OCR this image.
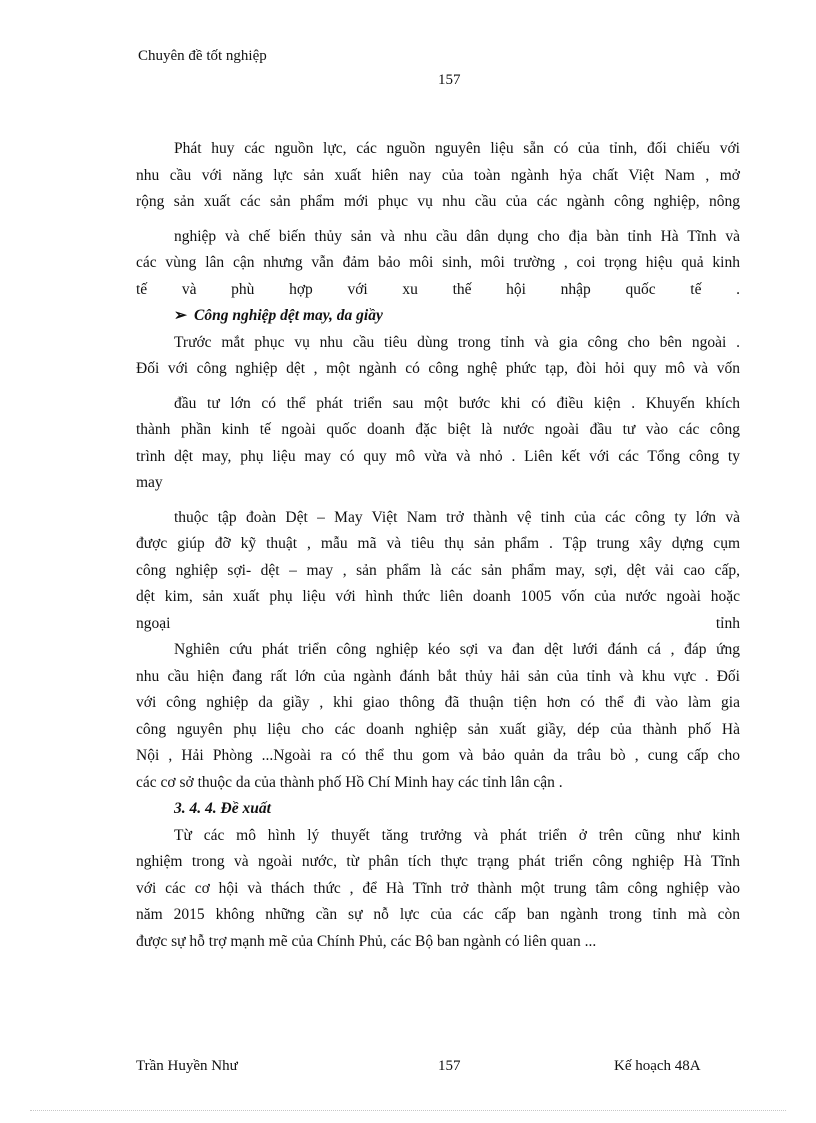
Chuyên đề tốt nghiệp
157

Phát huy các nguồn lực, các nguồn nguyên liệu sẵn có của tỉnh, đối chiếu với

nhu cầu với năng lực sản xuất hiên nay của toàn ngành hỷa chất Việt Nam , mở

rộng sản xuất các sản phẩm mới phục vụ nhu cầu của các ngành công nghiệp, nông

nghiệp và chế biến thủy sản và nhu cầu dân dụng cho địa bàn tỉnh Hà Tĩnh và

các vùng lân cận nhưng vẫn đảm bảo môi sinh, môi trường , coi trọng hiệu quả kinh

tế và phù hợp với xu thế hội nhập quốc tế .

➢ Công nghiệp dệt may, da giầy

Trước mắt phục vụ nhu cầu tiêu dùng trong tỉnh và gia công cho bên ngoài .

Đối với công nghiệp dệt , một ngành có công nghệ phức tạp, đòi hỏi quy mô và vốn

đầu tư lớn có thể phát triển sau một bước khi có điều kiện . Khuyến khích

thành phần kinh tế ngoài quốc doanh đặc biệt là nước ngoài đầu tư vào các công

trình dệt may, phụ liệu may có quy mô vừa và nhỏ . Liên kết với các Tổng công ty

may

thuộc tập đoàn Dệt – May Việt Nam trở thành vệ tinh của các công ty lớn và

được giúp đỡ kỹ thuật , mẫu mã và tiêu thụ sản phẩm . Tập trung xây dựng cụm

công nghiệp sợi- dệt – may , sản phẩm là các sản phẩm may, sợi, dệt vải cao cấp,

dệt kim, sản xuất phụ liệu với hình thức liên doanh 1005 vốn của nước ngoài hoặc

ngoại	tỉnh

Nghiên cứu phát triển công nghiệp kéo sợi va đan dệt lưới đánh cá , đáp ứng

nhu cầu hiện đang rất lớn của ngành đánh bắt thủy hải sản của tỉnh và khu vực . Đối

với công nghiệp da giầy , khi giao thông đã thuận tiện hơn có thể đi vào làm gia

công nguyên phụ liệu cho các doanh nghiệp sản xuất giầy, dép của thành phố Hà

Nội , Hải Phòng ...Ngoài ra có thể thu gom và bảo quản da trâu bò , cung cấp cho

các cơ sở thuộc da của thành phố Hồ Chí Minh hay các tỉnh lân cận .

3. 4. 4. Đề xuất

Từ các mô hình lý thuyết tăng trưởng và phát triển ở trên cũng như kinh

nghiệm trong và ngoài nước, từ phân tích thực trạng phát triển công nghiệp Hà Tĩnh

với các cơ hội và thách thức , để Hà Tĩnh trở thành một trung tâm công nghiệp vào

năm 2015 không những cần sự nỗ lực của các cấp ban ngành trong tỉnh mà còn

được sự hỗ trợ mạnh mẽ của Chính Phủ, các Bộ ban ngành có liên quan ...

Trần Huyền Như	157	Kế hoạch 48A
